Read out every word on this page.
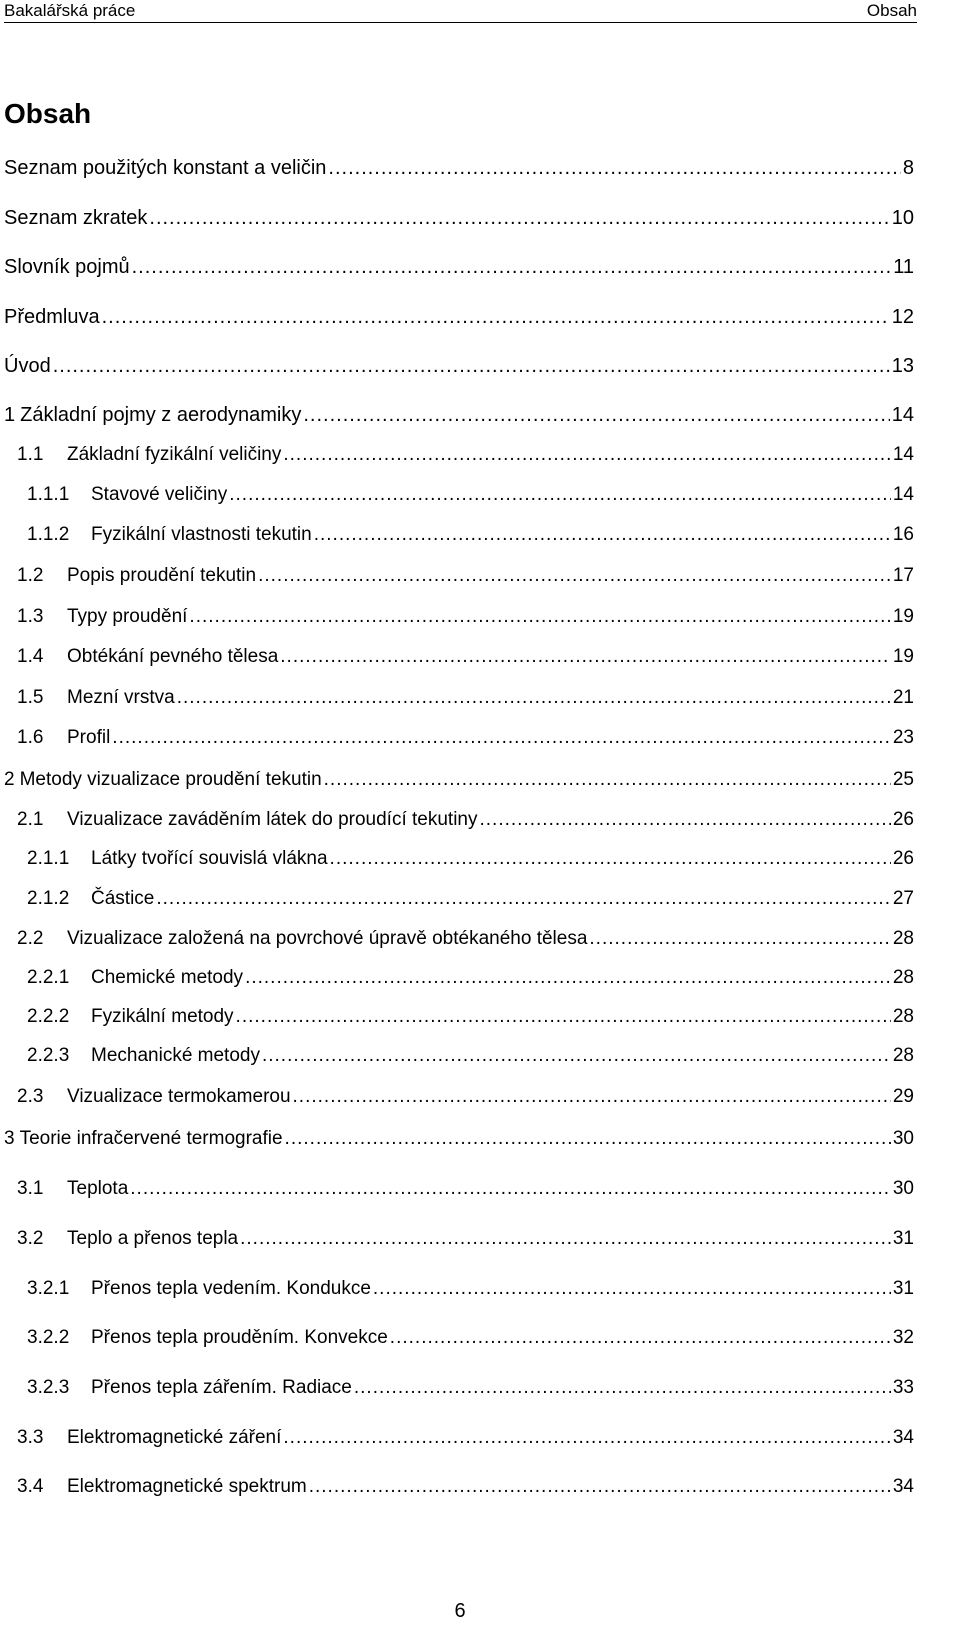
Bakalářská práce	Obsah
Obsah
Seznam použitých konstant a veličin .....	8
Seznam zkratek .....	10
Slovník pojmů .....	11
Předmluva .....	12
Úvod .....	13
1 Základní pojmy z aerodynamiky .....	14
1.1	Základní fyzikální veličiny .....	14
1.1.1	Stavové veličiny .....	14
1.1.2	Fyzikální vlastnosti tekutin .....	16
1.2	Popis proudění tekutin .....	17
1.3	Typy proudění .....	19
1.4	Obtékání pevného tělesa .....	19
1.5	Mezní vrstva .....	21
1.6	Profil .....	23
2 Metody vizualizace proudění tekutin .....	25
2.1	Vizualizace zaváděním látek do proudící tekutiny .....	26
2.1.1	Látky tvořící souvislá vlákna .....	26
2.1.2	Částice .....	27
2.2	Vizualizace založená na povrchové úpravě obtékaného tělesa .....	28
2.2.1	Chemické metody .....	28
2.2.2	Fyzikální metody .....	28
2.2.3	Mechanické metody .....	28
2.3	Vizualizace termokamerou .....	29
3 Teorie infračervené termografie .....	30
3.1	Teplota .....	30
3.2	Teplo a přenos tepla .....	31
3.2.1	Přenos tepla vedením. Kondukce .....	31
3.2.2	Přenos tepla prouděním. Konvekce .....	32
3.2.3	Přenos tepla zářením. Radiace .....	33
3.3	Elektromagnetické záření .....	34
3.4	Elektromagnetické spektrum .....	34
6
